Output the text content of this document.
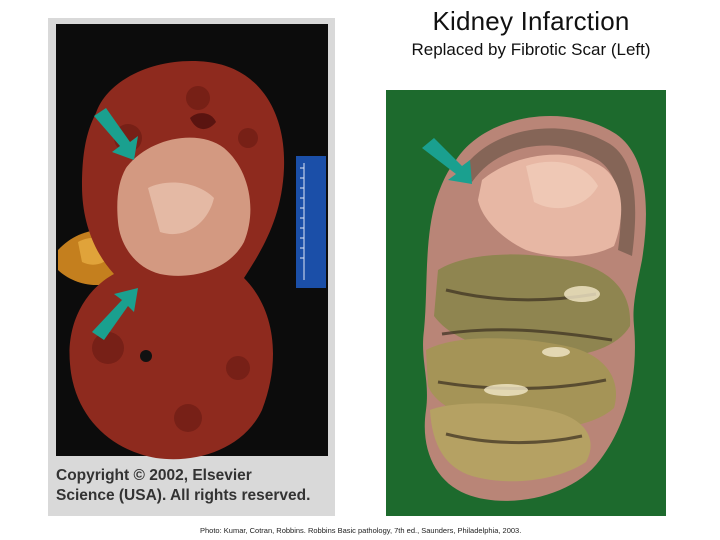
Kidney Infarction
Replaced by Fibrotic Scar (Left)
Copyright © 2002, Elsevier
Science (USA). All rights reserved.
Photo: Kumar, Cotran, Robbins. Robbins Basic pathology, 7th ed., Saunders, Philadelphia, 2003.
